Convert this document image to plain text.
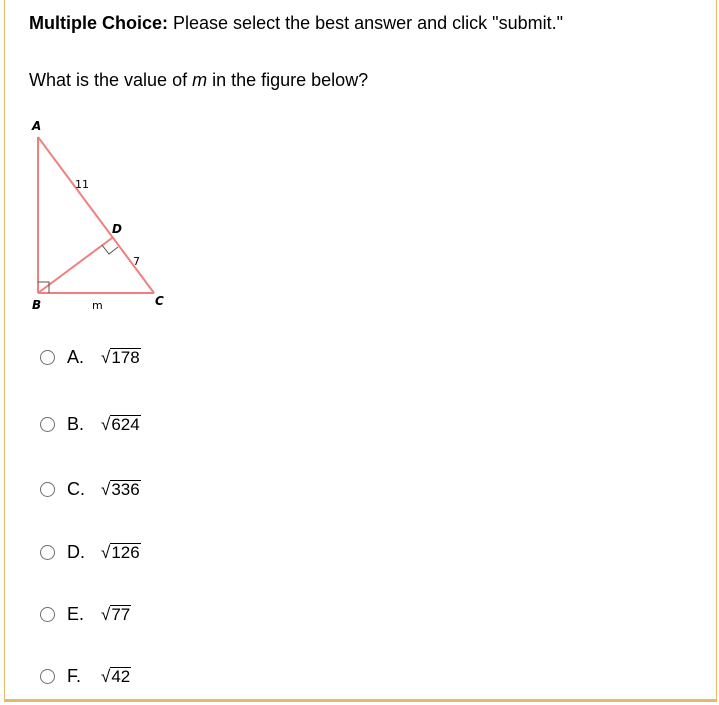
Multiple Choice: Please select the best answer and click "submit."
What is the value of m in the figure below?
A
B	C
D
11
7
m
A. √ 178
B. √ 624
C. √ 336
D. √ 126
E. √ 77
F.	√ 42
